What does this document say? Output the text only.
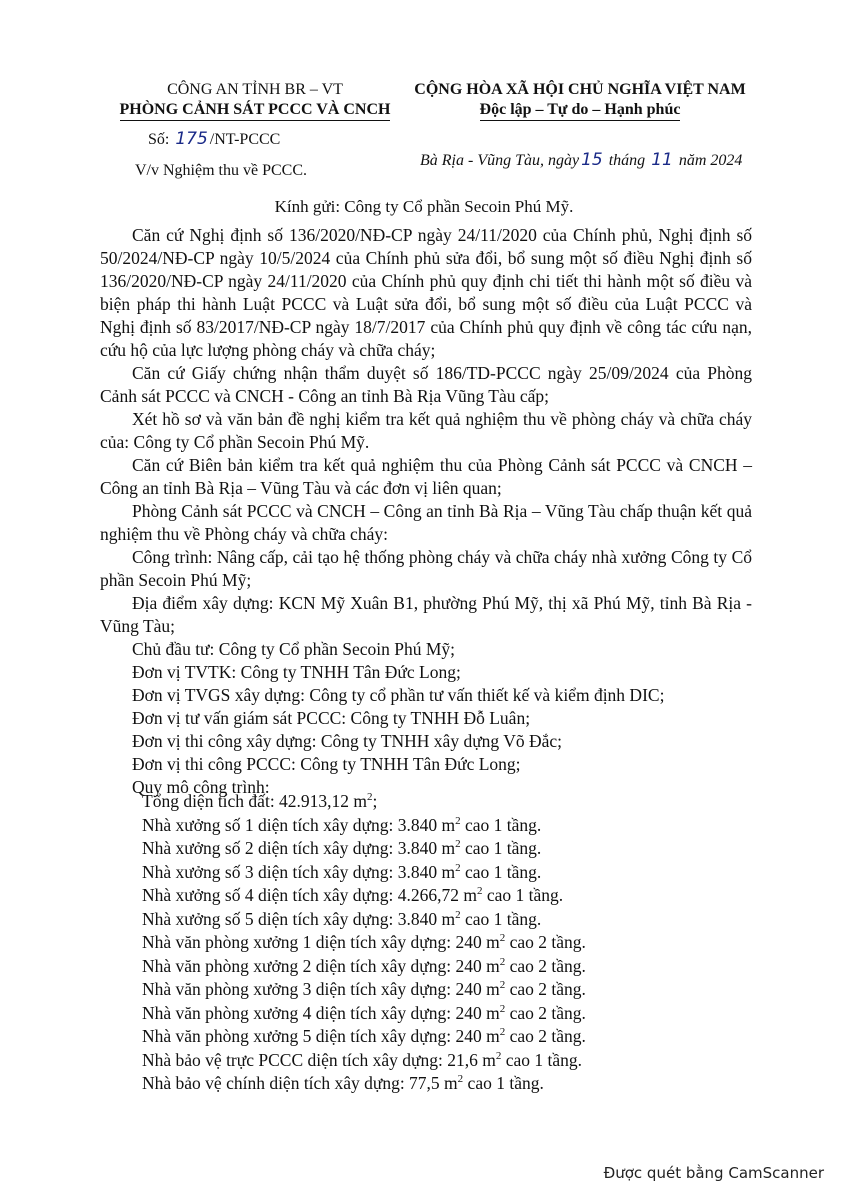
CÔNG AN TỈNH BR – VT
PHÒNG CẢNH SÁT PCCC VÀ CNCH
CỘNG HÒA XÃ HỘI CHỦ NGHĨA VIỆT NAM
Độc lập – Tự do – Hạnh phúc
Số: 175 /NT-PCCC
V/v Nghiệm thu về PCCC.
Bà Rịa - Vũng Tàu, ngày 15 tháng 11 năm 2024
Kính gửi: Công ty Cổ phần Secoin Phú Mỹ.

Căn cứ Nghị định số 136/2020/NĐ-CP ngày 24/11/2020 của Chính phủ, Nghị định số 50/2024/NĐ-CP ngày 10/5/2024 của Chính phủ sửa đổi, bổ sung một số điều Nghị định số 136/2020/NĐ-CP ngày 24/11/2020 của Chính phủ quy định chi tiết thi hành một số điều và biện pháp thi hành Luật PCCC và Luật sửa đổi, bổ sung một số điều của Luật PCCC và Nghị định số 83/2017/NĐ-CP ngày 18/7/2017 của Chính phủ quy định về công tác cứu nạn, cứu hộ của lực lượng phòng cháy và chữa cháy;

Căn cứ Giấy chứng nhận thẩm duyệt số 186/TD-PCCC ngày 25/09/2024 của Phòng Cảnh sát PCCC và CNCH - Công an tỉnh Bà Rịa Vũng Tàu cấp;

Xét hồ sơ và văn bản đề nghị kiểm tra kết quả nghiệm thu về phòng cháy và chữa cháy của: Công ty Cổ phần Secoin Phú Mỹ.

Căn cứ Biên bản kiểm tra kết quả nghiệm thu của Phòng Cảnh sát PCCC và CNCH – Công an tỉnh Bà Rịa – Vũng Tàu và các đơn vị liên quan;

Phòng Cảnh sát PCCC và CNCH – Công an tỉnh Bà Rịa – Vũng Tàu chấp thuận kết quả nghiệm thu về Phòng cháy và chữa cháy:

Công trình: Nâng cấp, cải tạo hệ thống phòng cháy và chữa cháy nhà xưởng Công ty Cổ phần Secoin Phú Mỹ;

Địa điểm xây dựng: KCN Mỹ Xuân B1, phường Phú Mỹ, thị xã Phú Mỹ, tỉnh Bà Rịa - Vũng Tàu;

Chủ đầu tư: Công ty Cổ phần Secoin Phú Mỹ;

Đơn vị TVTK: Công ty TNHH Tân Đức Long;

Đơn vị TVGS xây dựng: Công ty cổ phần tư vấn thiết kế và kiểm định DIC;

Đơn vị tư vấn giám sát PCCC: Công ty TNHH Đỗ Luân;

Đơn vị thi công xây dựng: Công ty TNHH xây dựng Võ Đắc;

Đơn vị thi công PCCC: Công ty TNHH Tân Đức Long;

Quy mô công trình:

Tổng diện tích đất: 42.913,12 $m^2$;
Nhà xưởng số 1 diện tích xây dựng: 3.840 $m^2$ cao 1 tầng.
Nhà xưởng số 2 diện tích xây dựng: 3.840 $m^2$ cao 1 tầng.
Nhà xưởng số 3 diện tích xây dựng: 3.840 $m^2$ cao 1 tầng.
Nhà xưởng số 4 diện tích xây dựng: 4.266,72 $m^2$ cao 1 tầng.
Nhà xưởng số 5 diện tích xây dựng: 3.840 $m^2$ cao 1 tầng.
Nhà văn phòng xưởng 1 diện tích xây dựng: 240 $m^2$ cao 2 tầng.
Nhà văn phòng xưởng 2 diện tích xây dựng: 240 $m^2$ cao 2 tầng.
Nhà văn phòng xưởng 3 diện tích xây dựng: 240 $m^2$ cao 2 tầng.
Nhà văn phòng xưởng 4 diện tích xây dựng: 240 $m^2$ cao 2 tầng.
Nhà văn phòng xưởng 5 diện tích xây dựng: 240 $m^2$ cao 2 tầng.
Nhà bảo vệ trực PCCC diện tích xây dựng: 21,6 $m^2$ cao 1 tầng.
Nhà bảo vệ chính diện tích xây dựng: 77,5 $m^2$ cao 1 tầng.
Được quét bằng CamScanner
